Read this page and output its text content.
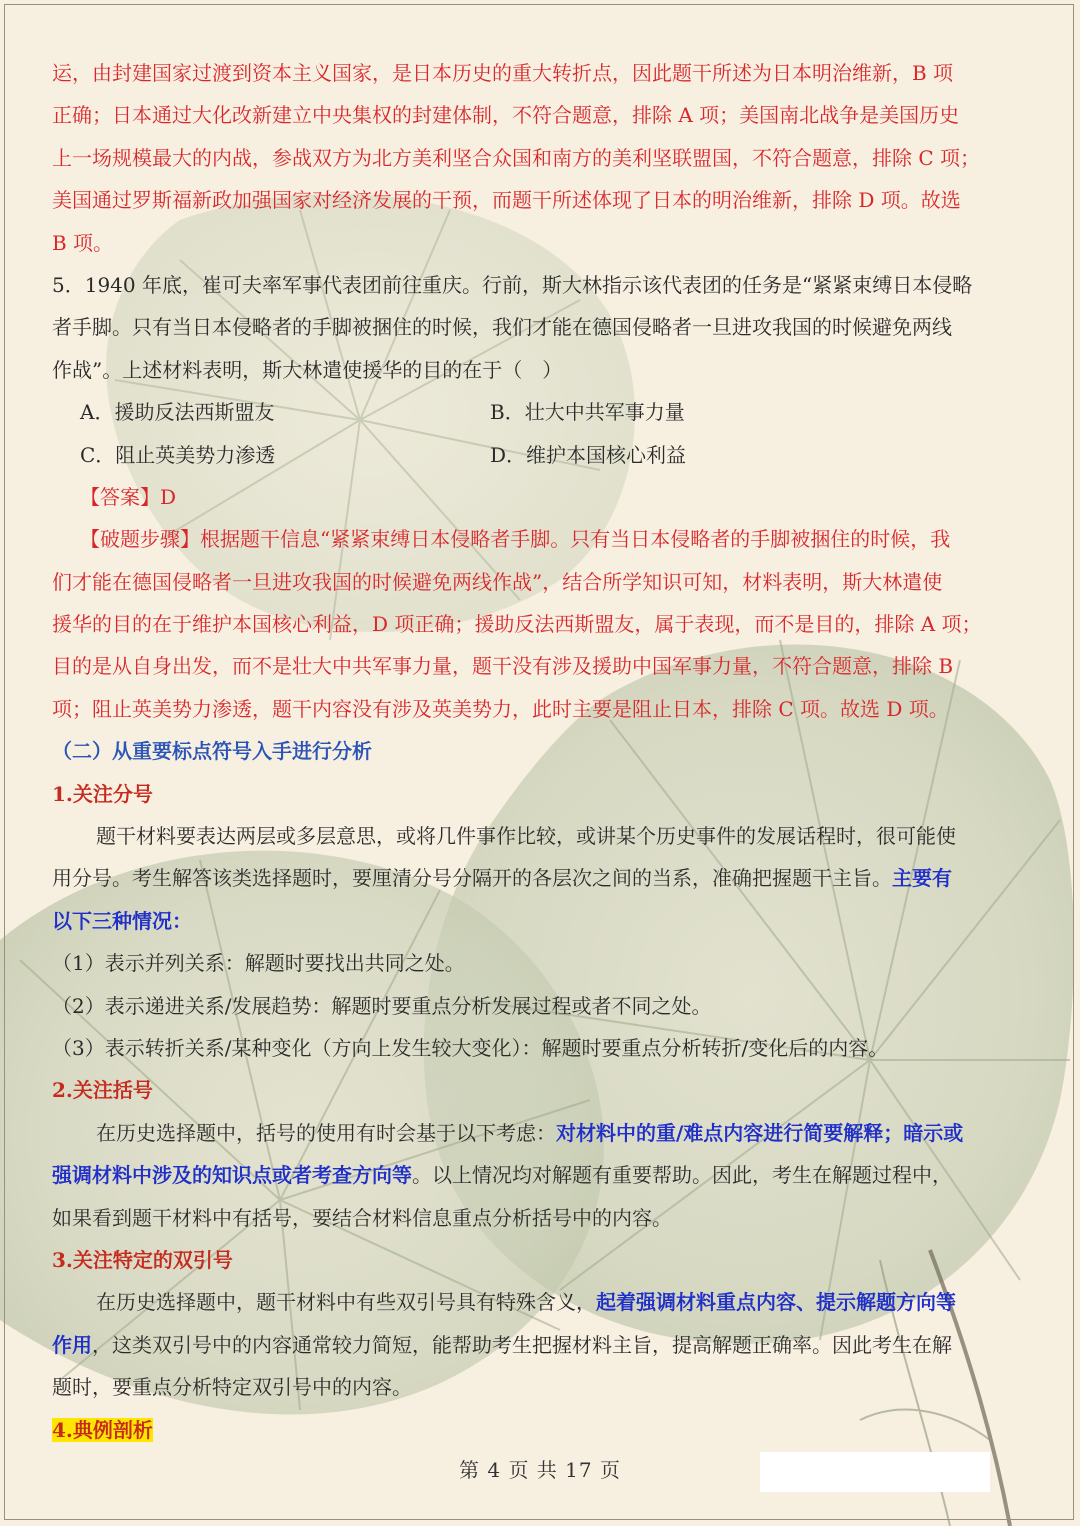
运，由封建国家过渡到资本主义国家，是日本历史的重大转折点，因此题干所述为日本明治维新，B 项
正确；日本通过大化改新建立中央集权的封建体制，不符合题意，排除 A 项；美国南北战争是美国历史
上一场规模最大的内战，参战双方为北方美利坚合众国和南方的美利坚联盟国，不符合题意，排除 C 项；
美国通过罗斯福新政加强国家对经济发展的干预，而题干所述体现了日本的明治维新，排除 D 项。故选
B 项。
5．1940 年底，崔可夫率军事代表团前往重庆。行前，斯大林指示该代表团的任务是“紧紧束缚日本侵略
者手脚。只有当日本侵略者的手脚被捆住的时候，我们才能在德国侵略者一旦进攻我国的时候避免两线
作战”。上述材料表明，斯大林遣使援华的目的在于（　）
A．援助反法西斯盟友	B．壮大中共军事力量
C．阻止英美势力渗透	D．维护本国核心利益
【答案】D
【破题步骤】根据题干信息“紧紧束缚日本侵略者手脚。只有当日本侵略者的手脚被捆住的时候，我
们才能在德国侵略者一旦进攻我国的时候避免两线作战”，结合所学知识可知，材料表明，斯大林遣使
援华的目的在于维护本国核心利益，D 项正确；援助反法西斯盟友，属于表现，而不是目的，排除 A 项；
目的是从自身出发，而不是壮大中共军事力量，题干没有涉及援助中国军事力量，不符合题意，排除 B
项；阻止英美势力渗透，题干内容没有涉及英美势力，此时主要是阻止日本，排除 C 项。故选 D 项。
（二）从重要标点符号入手进行分析
1.关注分号
题干材料要表达两层或多层意思，或将几件事作比较，或讲某个历史事件的发展话程时，很可能使
用分号。考生解答该类选择题时，要厘清分号分隔开的各层次之间的当系，准确把握题干主旨。主要有
以下三种情况：
（1）表示并列关系：解题时要找出共同之处。
（2）表示递进关系/发展趋势：解题时要重点分析发展过程或者不同之处。
（3）表示转折关系/某种变化（方向上发生较大变化）：解题时要重点分析转折/变化后的内容。
2.关注括号
在历史选择题中，括号的使用有时会基于以下考虑：对材料中的重/难点内容进行简要解释；暗示或
强调材料中涉及的知识点或者考查方向等。以上情况均对解题有重要帮助。因此，考生在解题过程中，
如果看到题干材料中有括号，要结合材料信息重点分析括号中的内容。
3.关注特定的双引号
在历史选择题中，题干材料中有些双引号具有特殊含义，起着强调材料重点内容、提示解题方向等
作用，这类双引号中的内容通常较力简短，能帮助考生把握材料主旨，提高解题正确率。因此考生在解
题时，要重点分析特定双引号中的内容。
4.典例剖析
第 4 页 共 17 页
